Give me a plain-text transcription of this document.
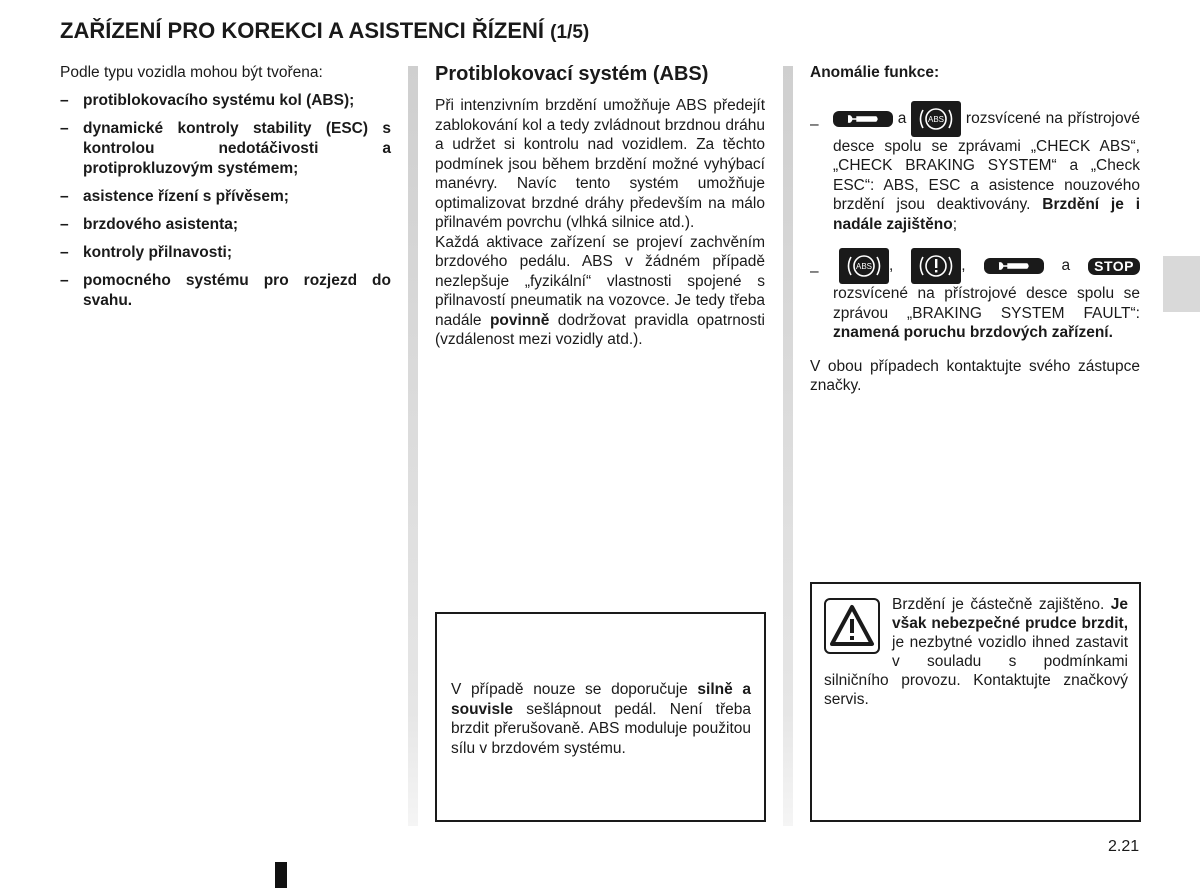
ZAŘÍZENÍ PRO KOREKCI A ASISTENCI ŘÍZENÍ (1/5)

Podle typu vozidla mohou být tvořena:

– protiblokovacího systému kol (ABS);
– dynamické kontroly stability (ESC) s kontrolou nedotáčivosti a protiprokluzovým systémem;
– asistence řízení s přívěsem;
– brzdového asistenta;
– kontroly přilnavosti;
– pomocného systému pro rozjezd do svahu.
Protiblokovací systém (ABS)

Při intenzivním brzdění umožňuje ABS předejít zablokování kol a tedy zvládnout brzdnou dráhu a udržet si kontrolu nad vozidlem. Za těchto podmínek jsou během brzdění možné vyhýbací manévry. Navíc tento systém umožňuje optimalizovat brzdné dráhy především na málo přilnavém povrchu (vlhká silnice atd.).

Každá aktivace zařízení se projeví zachvěním brzdového pedálu. ABS v žádném případě nezlepšuje „fyzikální“ vlastnosti spojené s přilnavostí pneumatik na vozovce. Je tedy třeba nadále povinně dodržovat pravidla opatrnosti (vzdálenost mezi vozidly atd.).

V případě nouze se doporučuje silně a souvisle sešlápnout pedál. Není třeba brzdit přerušovaně. ABS moduluje použitou sílu v brzdovém systému.

Anomálie funkce:

–	a	ABS rozsvícené na přístrojové desce spolu se zprávami „CHECK ABS“, „CHECK BRAKING SYSTEM“ a „Check ESC“: ABS, ESC a asistence nouzového brzdění jsou deaktivovány. Brzdění je i nadále zajištěno;
–	ABS ,	,	a STOP rozsvícené na přístrojové desce spolu se zprávou „BRAKING SYSTEM FAULT“: znamená poruchu brzdových zařízení.

V obou případech kontaktujte svého zástupce značky.

Brzdění je částečně zajištěno. Je však nebezpečné prudce brzdit, je nezbytné vozidlo ihned zastavit v souladu s podmínkami silničního provozu. Kontaktujte značkový servis.
2.21
